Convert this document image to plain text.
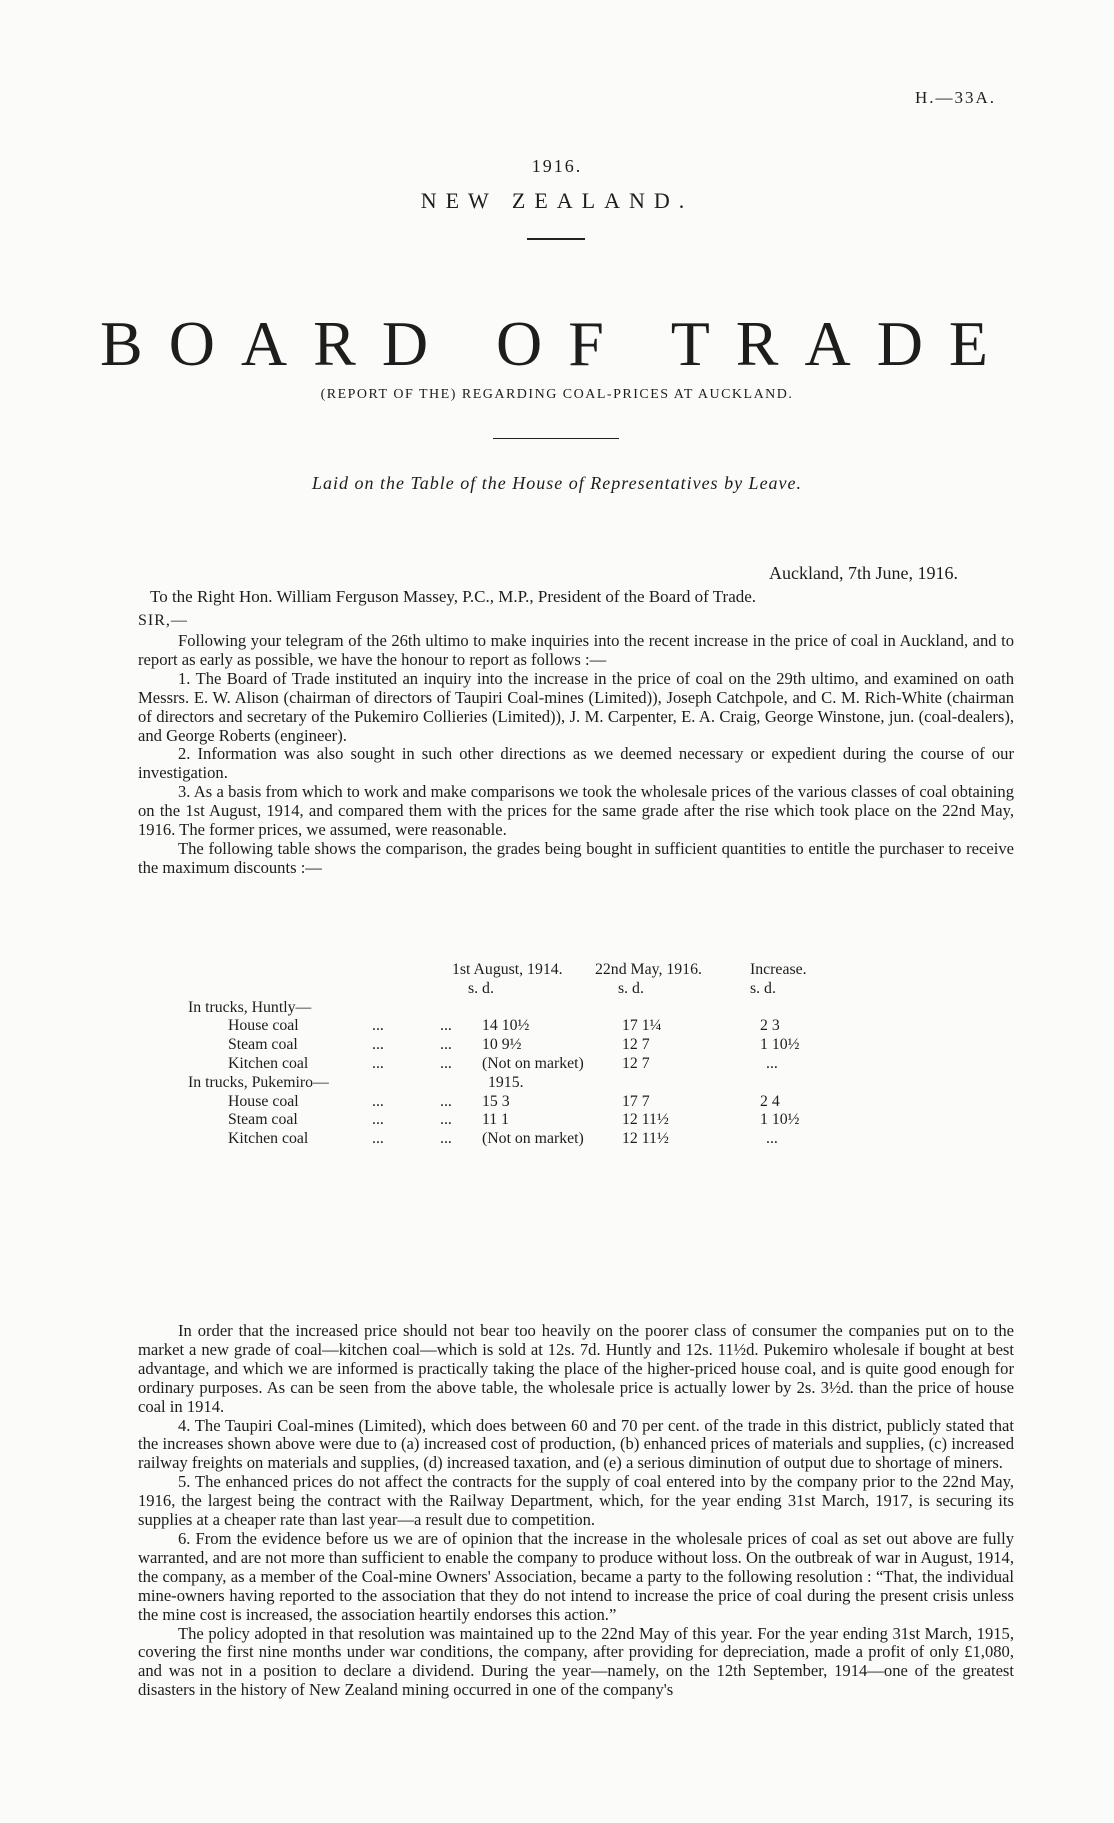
H.—33A.
1916.
NEW ZEALAND.
BOARD OF TRADE
(REPORT OF THE) REGARDING COAL-PRICES AT AUCKLAND.
Laid on the Table of the House of Representatives by Leave.
Auckland, 7th June, 1916.
To the Right Hon. William Ferguson Massey, P.C., M.P., President of the Board of Trade.
SIR,—

Following your telegram of the 26th ultimo to make inquiries into the recent increase in the price of coal in Auckland, and to report as early as possible, we have the honour to report as follows :—

1. The Board of Trade instituted an inquiry into the increase in the price of coal on the 29th ultimo, and examined on oath Messrs. E. W. Alison (chairman of directors of Taupiri Coal-mines (Limited)), Joseph Catchpole, and C. M. Rich-White (chairman of directors and secretary of the Pukemiro Collieries (Limited)), J. M. Carpenter, E. A. Craig, George Winstone, jun. (coal-dealers), and George Roberts (engineer).

2. Information was also sought in such other directions as we deemed necessary or expedient during the course of our investigation.

3. As a basis from which to work and make comparisons we took the wholesale prices of the various classes of coal obtaining on the 1st August, 1914, and compared them with the prices for the same grade after the rise which took place on the 22nd May, 1916. The former prices, we assumed, were reasonable.

The following table shows the comparison, the grades being bought in sufficient quantities to entitle the purchaser to receive the maximum discounts :—

1st August, 1914. 22nd May, 1916.	Increase.
s. d.	s. d.	s. d.
In trucks, Huntly—
House coal	...	... 14 10½	17 1¼	2 3
Steam coal	...	... 10 9½	12 7	1 10½
Kitchen coal	...	... (Not on market) 12 7	...
In trucks, Pukemiro—	1915.
House coal	...	... 15 3	17 7	2 4
Steam coal	...	... 11 1	12 11½	1 10½
Kitchen coal	...	... (Not on market) 12 11½	...

In order that the increased price should not bear too heavily on the poorer class of consumer the companies put on to the market a new grade of coal—kitchen coal—which is sold at 12s. 7d. Huntly and 12s. 11½d. Pukemiro wholesale if bought at best advantage, and which we are informed is practically taking the place of the higher-priced house coal, and is quite good enough for ordinary purposes. As can be seen from the above table, the wholesale price is actually lower by 2s. 3½d. than the price of house coal in 1914.

4. The Taupiri Coal-mines (Limited), which does between 60 and 70 per cent. of the trade in this district, publicly stated that the increases shown above were due to (a) increased cost of production, (b) enhanced prices of materials and supplies, (c) increased railway freights on materials and supplies, (d) increased taxation, and (e) a serious diminution of output due to shortage of miners.

5. The enhanced prices do not affect the contracts for the supply of coal entered into by the company prior to the 22nd May, 1916, the largest being the contract with the Railway Department, which, for the year ending 31st March, 1917, is securing its supplies at a cheaper rate than last year—a result due to competition.

6. From the evidence before us we are of opinion that the increase in the wholesale prices of coal as set out above are fully warranted, and are not more than sufficient to enable the company to produce without loss. On the outbreak of war in August, 1914, the company, as a member of the Coal-mine Owners' Association, became a party to the following resolution : “That, the individual mine-owners having reported to the association that they do not intend to increase the price of coal during the present crisis unless the mine cost is increased, the association heartily endorses this action.”

The policy adopted in that resolution was maintained up to the 22nd May of this year. For the year ending 31st March, 1915, covering the first nine months under war conditions, the company, after providing for depreciation, made a profit of only £1,080, and was not in a position to declare a dividend. During the year—namely, on the 12th September, 1914—one of the greatest disasters in the history of New Zealand mining occurred in one of the company's
